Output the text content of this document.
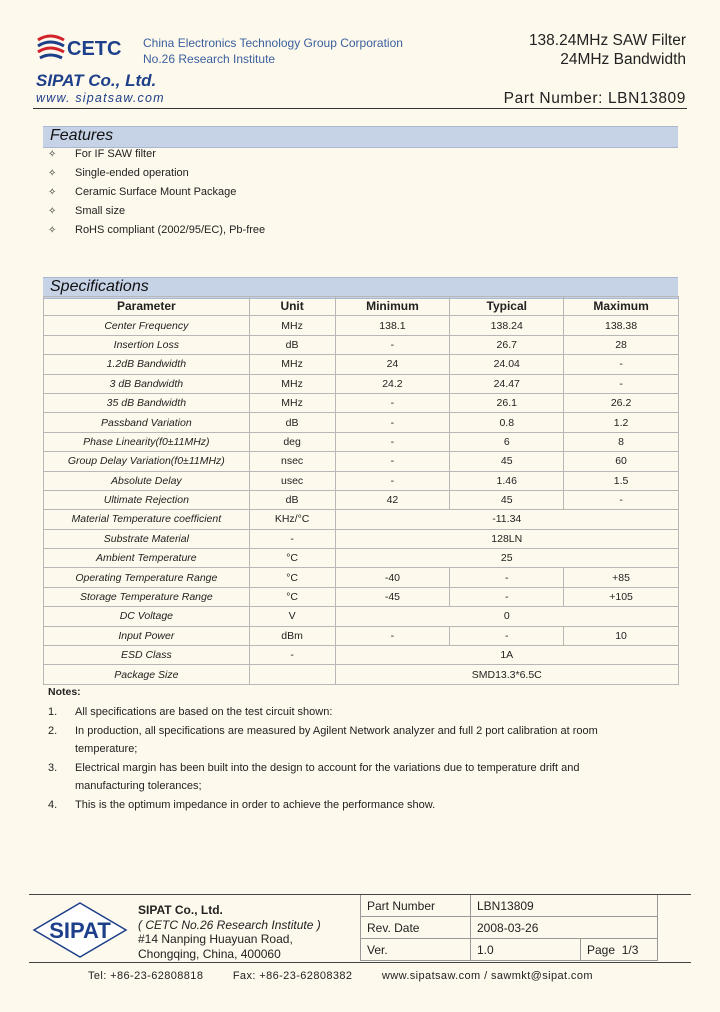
CETC China Electronics Technology Group Corporation
No.26 Research Institute
SIPAT Co., Ltd.
www. sipatsaw.com
138.24MHz SAW Filter
24MHz Bandwidth
Part Number: LBN13809
Features
✧ For IF SAW filter
✧ Single-ended operation
✧ Ceramic Surface Mount Package
✧ Small size
✧ RoHS compliant (2002/95/EC), Pb-free
Specifications
Parameter	Unit	Minimum	Typical	Maximum
Center Frequency	MHz	138.1	138.24	138.38
Insertion Loss	dB	-	26.7	28
1.2dB Bandwidth	MHz	24	24.04	-
3 dB Bandwidth	MHz	24.2	24.47	-
35 dB Bandwidth	MHz	-	26.1	26.2
Passband Variation	dB	-	0.8	1.2
Phase Linearity(f0±11MHz)	deg	-	6	8
Group Delay Variation(f0±11MHz)	nsec	-	45	60
Absolute Delay	usec	-	1.46	1.5
Ultimate Rejection	dB	42	45	-
Material Temperature coefficient	KHz/°C	-11.34		
Substrate Material	-	128LN		
Ambient Temperature	°C	25		
Operating Temperature Range	°C	-40	-	+85
Storage Temperature Range	°C	-45	-	+105
DC Voltage	V	0		
Input Power	dBm	-	-	10
ESD Class	-	1A		
Package Size		SMD13.3*6.5C		
Notes:
1. All specifications are based on the test circuit shown:
2. In production, all specifications are measured by Agilent Network analyzer and full 2 port calibration at room temperature;
3. Electrical margin has been built into the design to account for the variations due to temperature drift and manufacturing tolerances;
4. This is the optimum impedance in order to achieve the performance show.
SIPAT
SIPAT Co., Ltd.
( CETC No.26 Research Institute )
#14 Nanping Huayuan Road,
Chongqing, China, 400060
Part Number	LBN13809	
Rev. Date	2008-03-26	
Ver.	1.0	Page 1/3
Tel: +86-23-62808818	Fax: +86-23-62808382	www.sipatsaw.com / sawmkt@sipat.com
